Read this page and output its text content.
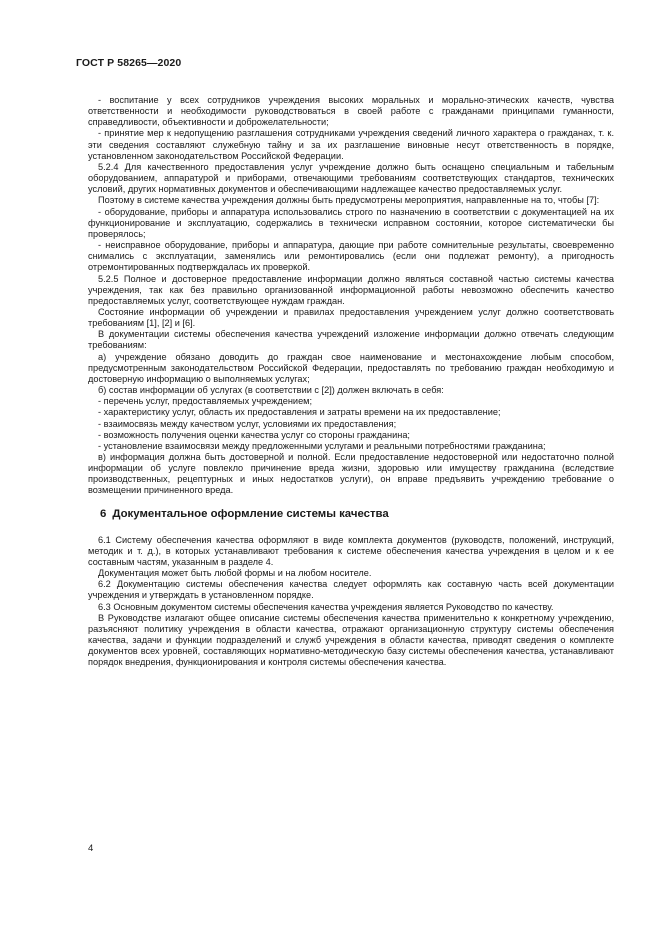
ГОСТ Р 58265—2020

- воспитание у всех сотрудников учреждения высоких моральных и морально-этических качеств, чувства ответственности и необходимости руководствоваться в своей работе с гражданами принципами гуманности, справедливости, объективности и доброжелательности;

- принятие мер к недопущению разглашения сотрудниками учреждения сведений личного характера о гражданах, т. к. эти сведения составляют служебную тайну и за их разглашение виновные несут ответственность в порядке, установленном законодательством Российской Федерации.

5.2.4 Для качественного предоставления услуг учреждение должно быть оснащено специальным и табельным оборудованием, аппаратурой и приборами, отвечающими требованиям соответствующих стандартов, технических условий, других нормативных документов и обеспечивающими надлежащее качество предоставляемых услуг.

Поэтому в системе качества учреждения должны быть предусмотрены мероприятия, направленные на то, чтобы [7]:

- оборудование, приборы и аппаратура использовались строго по назначению в соответствии с документацией на их функционирование и эксплуатацию, содержались в технически исправном состоянии, которое систематически бы проверялось;

- неисправное оборудование, приборы и аппаратура, дающие при работе сомнительные результаты, своевременно снимались с эксплуатации, заменялись или ремонтировались (если они подлежат ремонту), а пригодность отремонтированных подтверждалась их проверкой.

5.2.5 Полное и достоверное предоставление информации должно являться составной частью системы качества учреждения, так как без правильно организованной информационной работы невозможно обеспечить качество предоставляемых услуг, соответствующее нуждам граждан.

Состояние информации об учреждении и правилах предоставления учреждением услуг должно соответствовать требованиям [1], [2] и [6].

В документации системы обеспечения качества учреждений изложение информации должно отвечать следующим требованиям:

а) учреждение обязано доводить до граждан свое наименование и местонахождение любым способом, предусмотренным законодательством Российской Федерации, предоставлять по требованию граждан необходимую и достоверную информацию о выполняемых услугах;

б) состав информации об услугах (в соответствии с [2]) должен включать в себя:

- перечень услуг, предоставляемых учреждением;

- характеристику услуг, область их предоставления и затраты времени на их предоставление;

- взаимосвязь между качеством услуг, условиями их предоставления;

- возможность получения оценки качества услуг со стороны гражданина;

- установление взаимосвязи между предложенными услугами и реальными потребностями гражданина;

в) информация должна быть достоверной и полной. Если предоставление недостоверной или недостаточно полной информации об услуге повлекло причинение вреда жизни, здоровью или имуществу гражданина (вследствие производственных, рецептурных и иных недостатков услуги), он вправе предъявить учреждению требование о возмещении причиненного вреда.

6 Документальное оформление системы качества

6.1 Систему обеспечения качества оформляют в виде комплекта документов (руководств, положений, инструкций, методик и т. д.), в которых устанавливают требования к системе обеспечения качества учреждения в целом и к ее составным частям, указанным в разделе 4.

Документация может быть любой формы и на любом носителе.

6.2 Документацию системы обеспечения качества следует оформлять как составную часть всей документации учреждения и утверждать в установленном порядке.

6.3 Основным документом системы обеспечения качества учреждения является Руководство по качеству.

В Руководстве излагают общее описание системы обеспечения качества применительно к конкретному учреждению, разъясняют политику учреждения в области качества, отражают организационную структуру системы обеспечения качества, задачи и функции подразделений и служб учреждения в области качества, приводят сведения о комплекте документов всех уровней, составляющих нормативно-методическую базу системы обеспечения качества, устанавливают порядок внедрения, функционирования и контроля системы обеспечения качества.

4
